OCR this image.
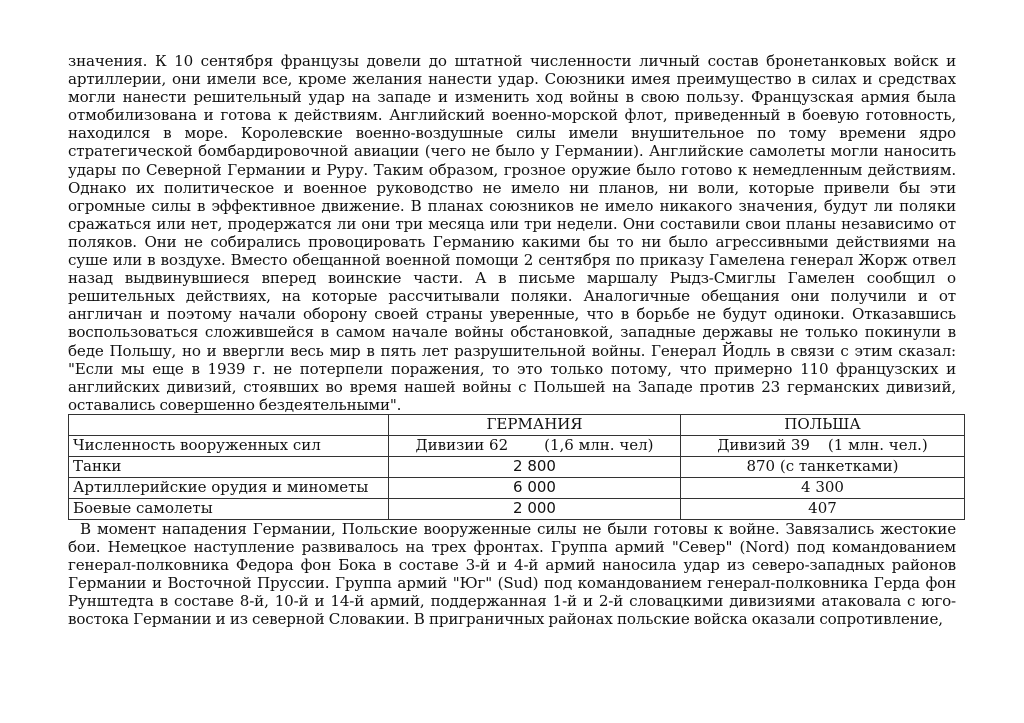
значения. К 10 сентября французы довели до штатной численности личный состав бронетанковых войск и артиллерии, они имели все, кроме желания нанести удар. Союзники имея преимущество в силах и средствах могли нанести решительный удар на западе и изменить ход войны в свою пользу. Французская армия была отмобилизована и готова к действиям. Английский военно-морской флот, приведенный в боевую готовность, находился в море. Королевские военно-воздушные силы имели внушительное по тому времени ядро стратегической бомбардировочной авиации (чего не было у Германии). Английские самолеты могли наносить удары по Северной Германии и Руру. Таким образом, грозное оружие было готово к немедленным действиям. Однако их политическое и военное руководство не имело ни планов, ни воли, которые привели бы эти огромные силы в эффективное движение. В планах союзников не имело никакого значения, будут ли поляки сражаться или нет, продержатся ли они три месяца или три недели. Они составили свои планы независимо от поляков. Они не собирались провоцировать Германию какими бы то ни было агрессивными действиями на суше или в воздухе. Вместо обещанной военной помощи 2 сентября по приказу Гамелена генерал Жорж отвел назад выдвинувшиеся вперед воинские части. А в письме маршалу Рыдз-Смиглы Гамелен сообщил о решительных действиях, на которые рассчитывали поляки. Аналогичные обещания они получили и от англичан и поэтому начали оборону своей страны уверенные, что в борьбе не будут одиноки. Отказавшись воспользоваться сложившейся в самом начале войны обстановкой, западные державы не только покинули в беде Польшу, но и ввергли весь мир в пять лет разрушительной войны. Генерал Йодль в связи с этим сказал: "Если мы еще в 1939 г. не потерпели поражения, то это только потому, что примерно 110 французских и английских дивизий, стоявших во время нашей войны с Польшей на Западе против 23 германских дивизий, оставались совершенно бездеятельными".

	ГЕРМАНИЯ	ПОЛЬША
Численность вооруженных сил	Дивизии 62 (1,6 млн. чел)	Дивизий 39 (1 млн. чел.)
Танки	2 800	870 (с танкетками)
Артиллерийские орудия и минометы	6 000	4 300
Боевые самолеты	2 000	407

В момент нападения Германии, Польские вооруженные силы не были готовы к войне. Завязались жестокие бои. Немецкое наступление развивалось на трех фронтах. Группа армий "Север" (Nord) под командованием генерал-полковника Федора фон Бока в составе 3-й и 4-й армий наносила удар из северо-западных районов Германии и Восточной Пруссии. Группа армий "Юг" (Sud) под командованием генерал-полковника Герда фон Рунштедта в составе 8-й, 10-й и 14-й армий, поддержанная 1-й и 2-й словацкими дивизиями атаковала с юго-востока Германии и из северной Словакии. В приграничных районах польские войска оказали сопротивление,
